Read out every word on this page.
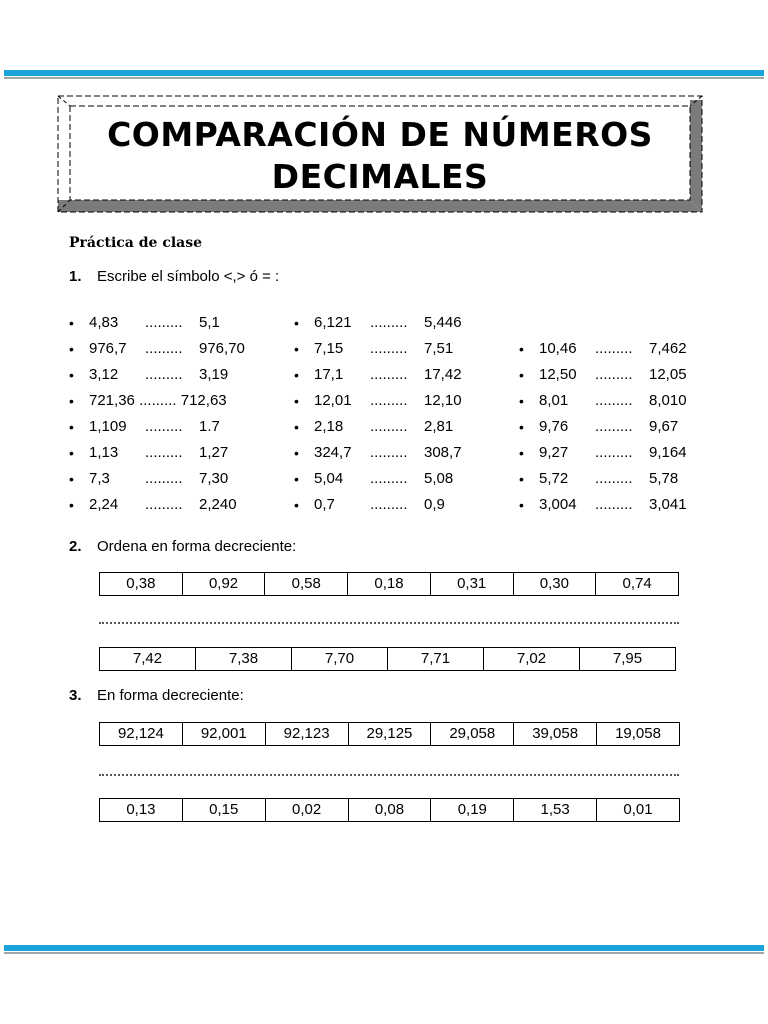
COMPARACIÓN DE NÚMEROS
DECIMALES
Práctica de clase
1. Escribe el símbolo <,> ó = :
• 4,83 ......... 5,1
• 976,7 ......... 976,70
• 3,12 ......... 3,19
• 721,36 ......... 712,63
• 1,109 ......... 1.7
• 1,13 ......... 1,27
• 7,3 ......... 7,30
• 2,24 ......... 2,240
• 6,121 ......... 5,446
• 7,15 ......... 7,51
• 17,1 ......... 17,42
• 12,01 ......... 12,10
• 2,18 ......... 2,81
• 324,7 ......... 308,7
• 5,04 ......... 5,08
• 0,7 ......... 0,9
• 10,46 ......... 7,462
• 12,50 ......... 12,05
• 8,01 ......... 8,010
• 9,76 ......... 9,67
• 9,27 ......... 9,164
• 5,72 ......... 5,78
• 3,004 ......... 3,041
2. Ordena en forma decreciente:
0,38	0,92	0,58	0,18	0,31	0,30	0,74
7,42	7,38	7,70	7,71	7,02	7,95
3. En forma decreciente:
92,124	92,001	92,123	29,125	29,058	39,058	19,058
0,13	0,15	0,02	0,08	0,19	1,53	0,01
